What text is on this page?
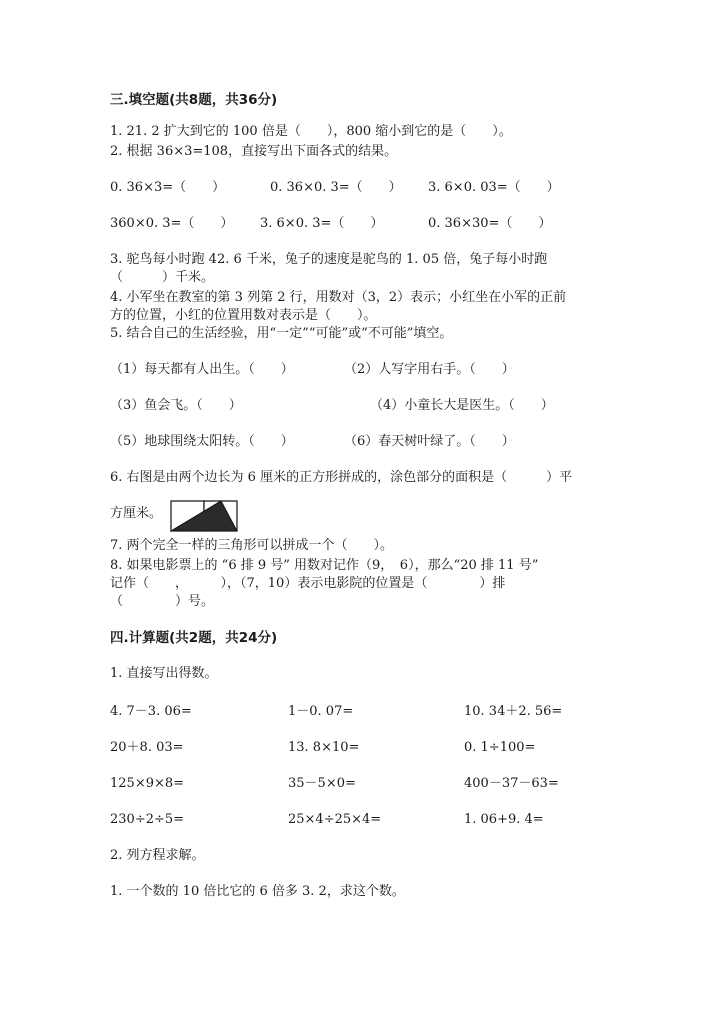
三.填空题(共8题，共36分)
1. 21. 2 扩大到它的 100 倍是（　　），800 缩小到它的是（　　）。
2. 根据 36×3=108，直接写出下面各式的结果。
0. 36×3=（　　）	0. 36×0. 3=（　　） 3. 6×0. 03=（　　）
360×0. 3=（　　） 3. 6×0. 3=（　　）	0. 36×30=（　　）
3. 驼鸟每小时跑 42. 6 千米，兔子的速度是驼鸟的 1. 05 倍，兔子每小时跑
（　　　）千米。
4. 小军坐在教室的第 3 列第 2 行，用数对（3，2）表示；小红坐在小军的正前
方的位置，小红的位置用数对表示是（　　）。
5. 结合自己的生活经验，用“一定”“可能”或“不可能”填空。
（1）每天都有人出生。（　　）	（2）人写字用右手。（　　）
（3）鱼会飞。（　　）	（4）小童长大是医生。（　　）
（5）地球围绕太阳转。（　　）	（6）春天树叶绿了。（　　）
6. 右图是由两个边长为 6 厘米的正方形拼成的，涂色部分的面积是（　　　）平
方厘米。
7. 两个完全一样的三角形可以拼成一个（　　）。
8. 如果电影票上的 “6 排 9 号” 用数对记作（9，　6），那么“20 排 11 号”
记作（　　，　　　），（7，10）表示电影院的位置是（　　　　）排
（　　　　）号。
四.计算题(共2题，共24分)
1. 直接写出得数。
4. 7－3. 06=	1－0. 07=	10. 34＋2. 56=
20＋8. 03=	13. 8×10=	0. 1÷100=
125×9×8=	35－5×0=	400－37－63=
230÷2÷5=	25×4÷25×4=	1. 06+9. 4=
2. 列方程求解。
1. 一个数的 10 倍比它的 6 倍多 3. 2，求这个数。
